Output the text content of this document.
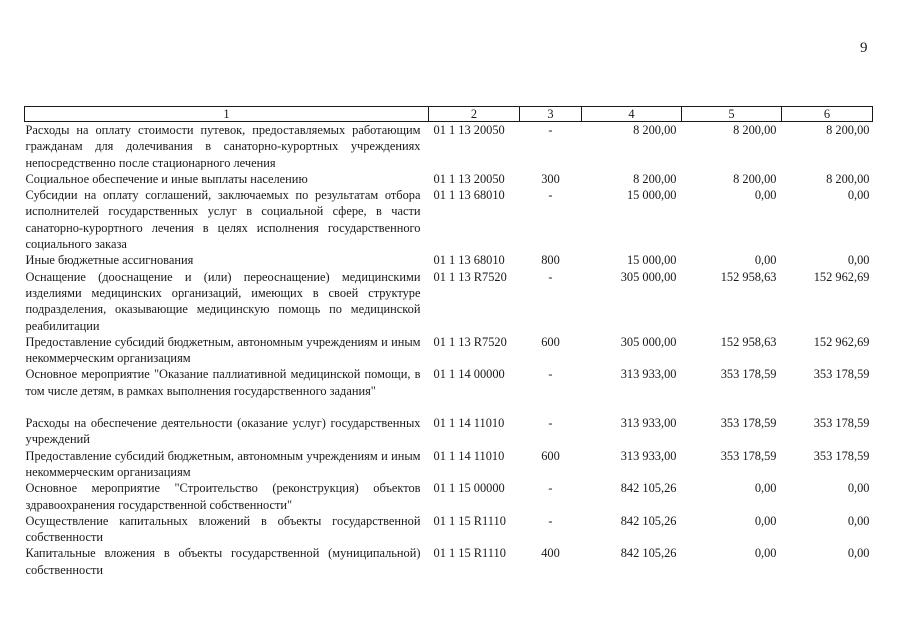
9
1	2	3	4	5	6
Расходы на оплату стоимости путевок, предоставляемых работающим гражданам для долечивания в санаторно-курортных учреждениях непосредственно после стационарного лечения	01 1 13 20050	-	8 200,00	8 200,00	8 200,00
Социальное обеспечение и иные выплаты населению	01 1 13 20050	300	8 200,00	8 200,00	8 200,00
Субсидии на оплату соглашений, заключаемых по результатам отбора исполнителей государственных услуг в социальной сфере, в части санаторно-курортного лечения в целях исполнения государственного социального заказа	01 1 13 68010	-	15 000,00	0,00	0,00
Иные бюджетные ассигнования	01 1 13 68010	800	15 000,00	0,00	0,00
Оснащение (дооснащение и (или) переоснащение) медицинскими изделиями медицинских организаций, имеющих в своей структуре подразделения, оказывающие медицинскую помощь по медицинской реабилитации	01 1 13 R7520	-	305 000,00	152 958,63	152 962,69
Предоставление субсидий бюджетным, автономным учреждениям и иным некоммерческим организациям	01 1 13 R7520	600	305 000,00	152 958,63	152 962,69
Основное мероприятие "Оказание паллиативной медицинской помощи, в том числе детям, в рамках выполнения государственного задания"	01 1 14 00000	-	313 933,00	353 178,59	353 178,59
Расходы на обеспечение деятельности (оказание услуг) государственных учреждений	01 1 14 11010	-	313 933,00	353 178,59	353 178,59
Предоставление субсидий бюджетным, автономным учреждениям и иным некоммерческим организациям	01 1 14 11010	600	313 933,00	353 178,59	353 178,59
Основное мероприятие "Строительство (реконструкция) объектов здравоохранения государственной собственности"	01 1 15 00000	-	842 105,26	0,00	0,00
Осуществление капитальных вложений в объекты государственной собственности	01 1 15 R1110	-	842 105,26	0,00	0,00
Капитальные вложения в объекты государственной (муниципальной) собственности	01 1 15 R1110	400	842 105,26	0,00	0,00
